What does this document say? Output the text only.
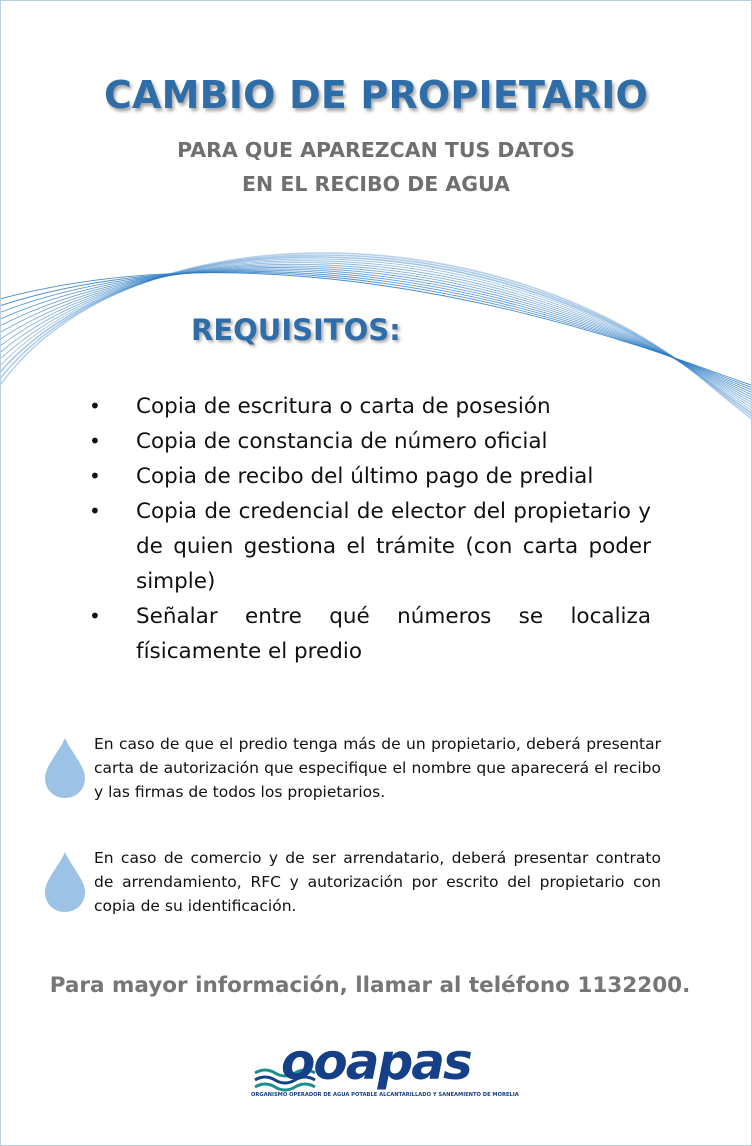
CAMBIO DE PROPIETARIO
PARA QUE APAREZCAN TUS DATOS
EN EL RECIBO DE AGUA
REQUISITOS:
• Copia de escritura o carta de posesión
• Copia de constancia de número oficial
• Copia de recibo del último pago de predial
• Copia de credencial de elector del propietario y de quien gestiona el trámite (con carta poder simple)
• Señalar entre qué números se localiza físicamente el predio
En caso de que el predio tenga más de un propietario, deberá presentar carta de autorización que especifique el nombre que aparecerá el recibo y las firmas de todos los propietarios.
En caso de comercio y de ser arrendatario, deberá presentar contrato de arrendamiento, RFC y autorización por escrito del propietario con copia de su identificación.
Para mayor información, llamar al teléfono 1132200.
ooapas
ORGANISMO OPERADOR DE AGUA POTABLE ALCANTARILLADO Y SANEAMIENTO DE MORELIA
